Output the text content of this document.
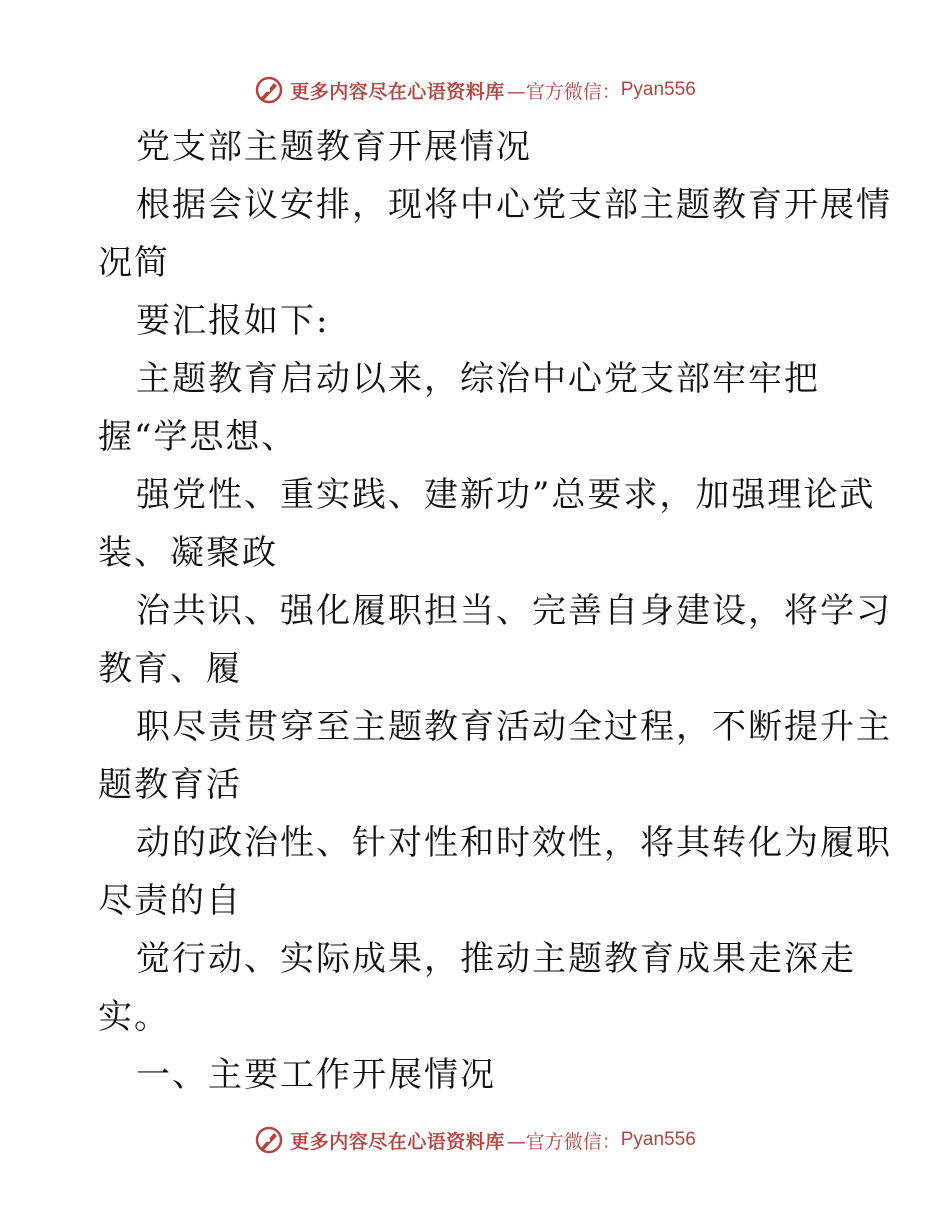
更多内容尽在心语资料库 —官方微信： Pyan556
党支部主题教育开展情况
根据会议安排，现将中心党支部主题教育开展情
况简
要汇报如下:
主题教育启动以来，综治中心党支部牢牢把
握“学思想、
强党性、重实践、建新功”总要求，加强理论武
装、凝聚政
治共识、强化履职担当、完善自身建设，将学习
教育、履
职尽责贯穿至主题教育活动全过程，不断提升主
题教育活
动的政治性、针对性和时效性，将其转化为履职
尽责的自
觉行动、实际成果，推动主题教育成果走深走
实。
一、主要工作开展情况
更多内容尽在心语资料库 —官方微信： Pyan556
